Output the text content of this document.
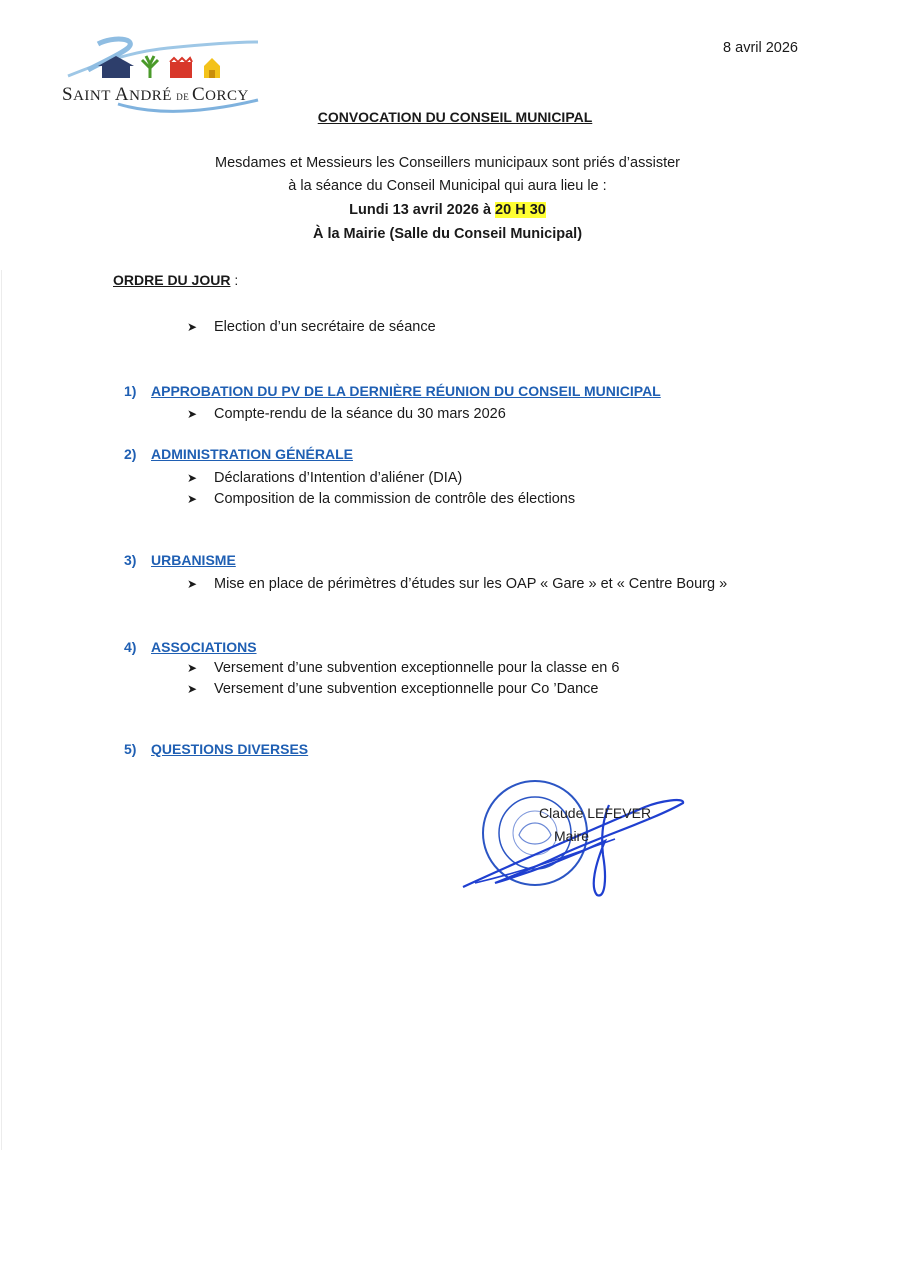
SAINT ANDRÉ DE CORCY
8 avril 2026
CONVOCATION DU CONSEIL MUNICIPAL
Mesdames et Messieurs les Conseillers municipaux sont priés d’assister
à la séance du Conseil Municipal qui aura lieu le :
Lundi 13 avril 2026 à 20 H 30
À la Mairie (Salle du Conseil Municipal)
ORDRE DU JOUR :
➤ Election d’un secrétaire de séance
1) APPROBATION DU PV DE LA DERNIÈRE RÉUNION DU CONSEIL MUNICIPAL
➤ Compte-rendu de la séance du 30 mars 2026
2) ADMINISTRATION GÉNÉRALE
➤ Déclarations d’Intention d’aliéner (DIA)
➤ Composition de la commission de contrôle des élections
3) URBANISME
➤ Mise en place de périmètres d’études sur les OAP « Gare » et « Centre Bourg »
4) ASSOCIATIONS
➤ Versement d’une subvention exceptionnelle pour la classe en 6
➤ Versement d’une subvention exceptionnelle pour Co ’Dance
5) QUESTIONS DIVERSES
Claude LEFEVER
Maire
